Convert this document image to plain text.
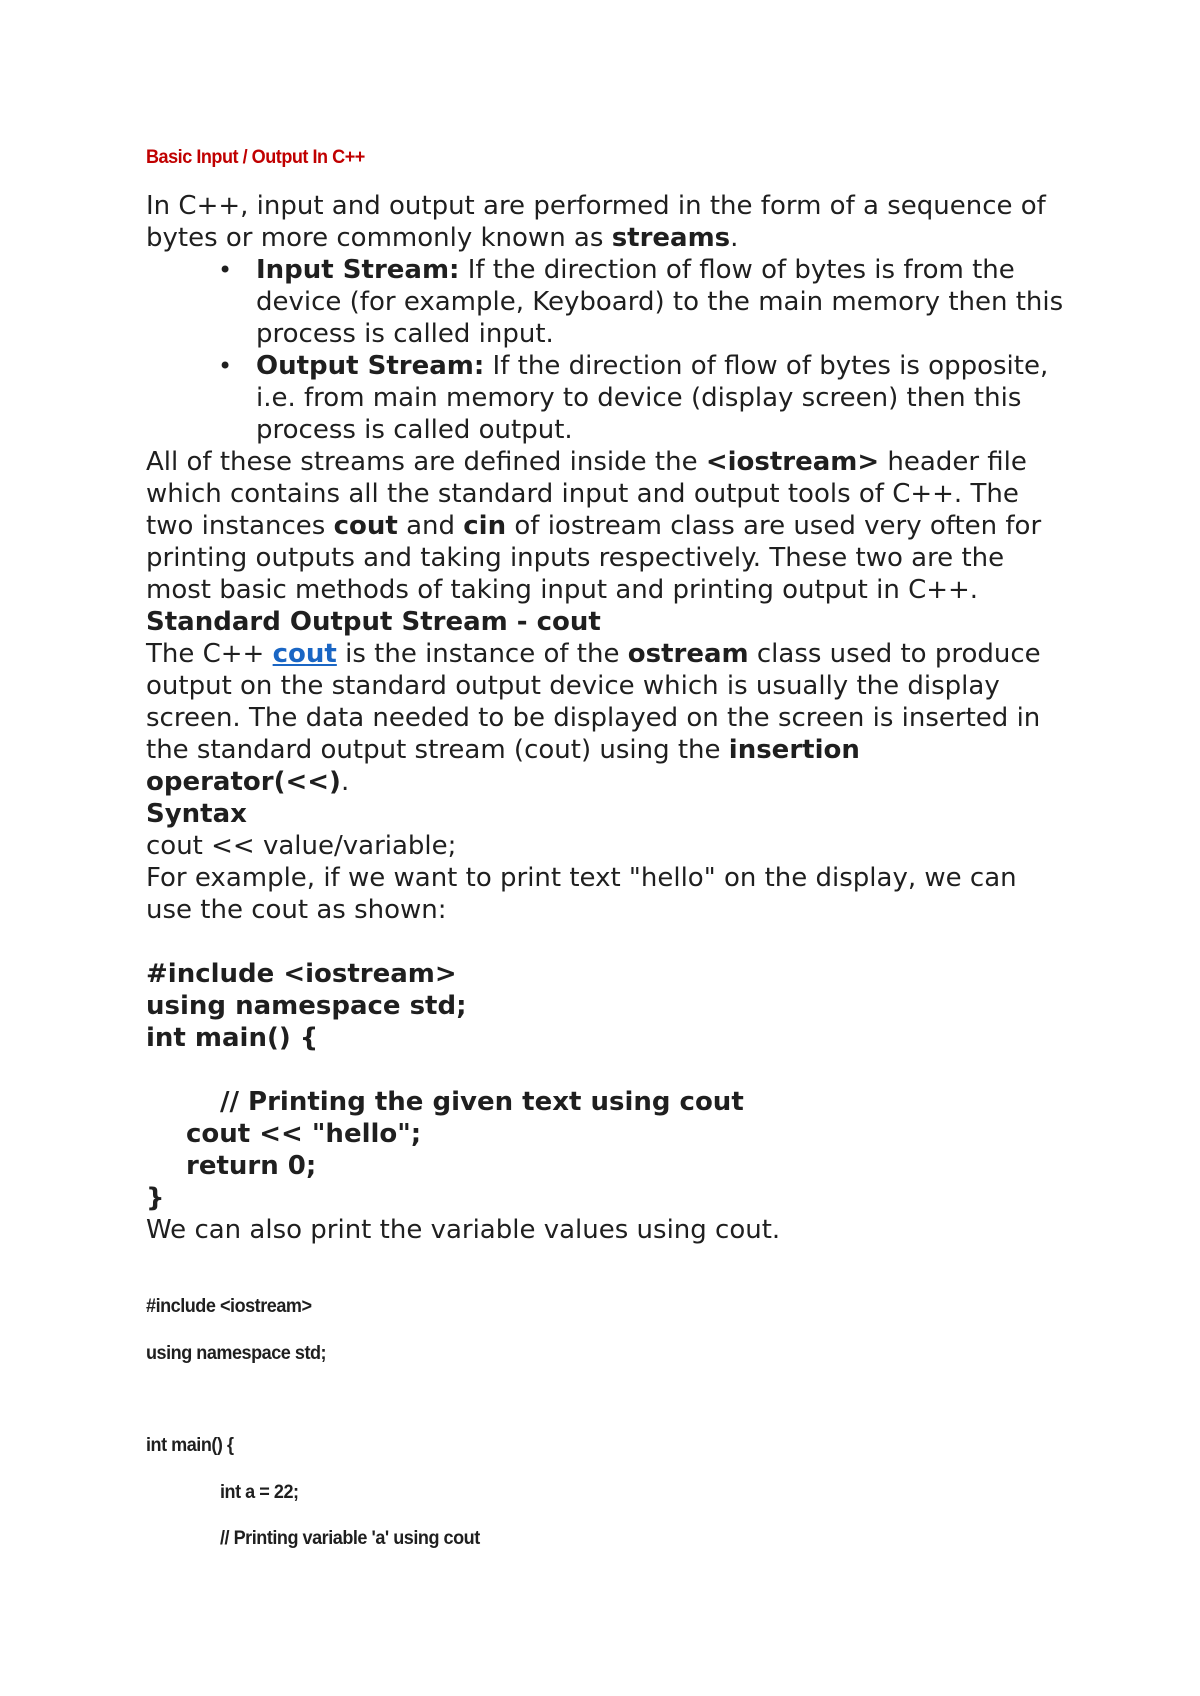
Basic Input / Output In C++

In C++, input and output are performed in the form of a sequence of bytes or more commonly known as streams.

• Input Stream: If the direction of flow of bytes is from the device (for example, Keyboard) to the main memory then this process is called input.
• Output Stream: If the direction of flow of bytes is opposite, i.e. from main memory to device (display screen) then this process is called output.

All of these streams are defined inside the <iostream> header file which contains all the standard input and output tools of C++. The two instances cout and cin of iostream class are used very often for printing outputs and taking inputs respectively. These two are the most basic methods of taking input and printing output in C++.

Standard Output Stream - cout

The C++ cout is the instance of the ostream class used to produce output on the standard output device which is usually the display screen. The data needed to be displayed on the screen is inserted in the standard output stream (cout) using the insertion operator(<<).

Syntax

cout << value/variable;

For example, if we want to print text "hello" on the display, we can use the cout as shown:

#include <iostream>

using namespace std;

int main() {

// Printing the given text using cout

cout << "hello";

return 0;

}

We can also print the variable values using cout.

#include <iostream>
using namespace std;
int main() {
int a = 22;
// Printing variable 'a' using cout
